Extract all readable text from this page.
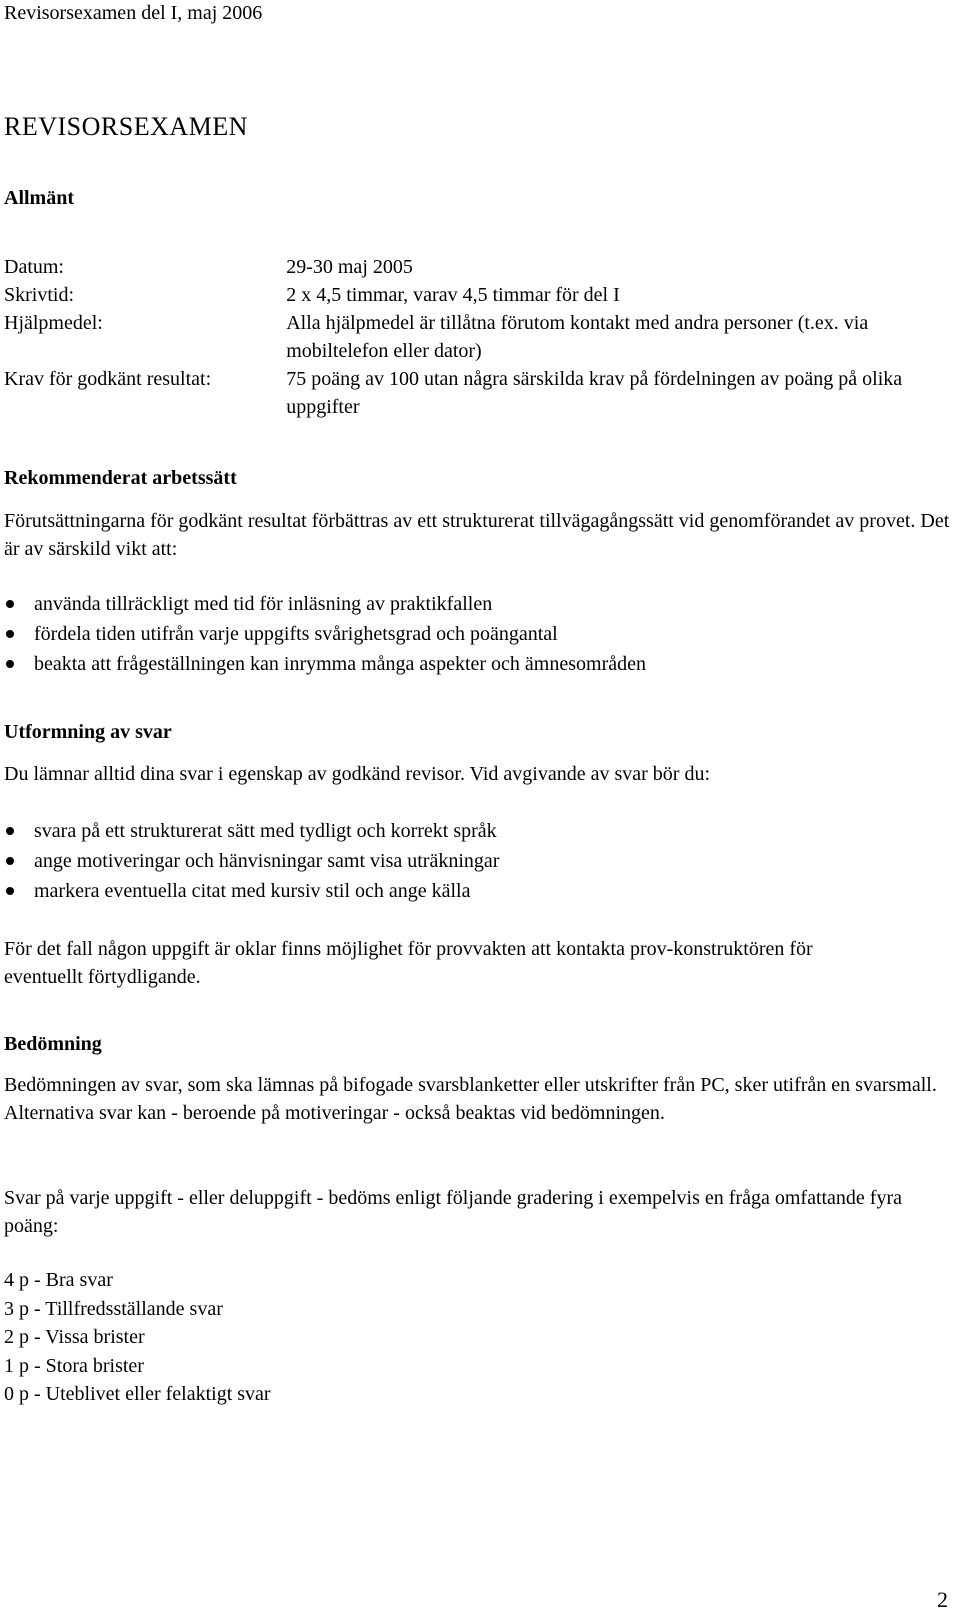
Revisorsexamen del I, maj 2006
REVISORSEXAMEN
Allmänt
Datum:	29-30 maj 2005
Skrivtid:	2 x 4,5 timmar, varav 4,5 timmar för del I
Hjälpmedel:	Alla hjälpmedel är tillåtna förutom kontakt med andra personer (t.ex. via mobiltelefon eller dator)
Krav för godkänt resultat:	75 poäng av 100 utan några särskilda krav på fördelningen av poäng på olika uppgifter
Rekommenderat arbetssätt
Förutsättningarna för godkänt resultat förbättras av ett strukturerat tillvägagångssätt vid genomförandet av provet. Det är av särskild vikt att:
använda tillräckligt med tid för inläsning av praktikfallen
fördela tiden utifrån varje uppgifts svårighetsgrad och poängantal
beakta att frågeställningen kan inrymma många aspekter och ämnesområden
Utformning av svar
Du lämnar alltid dina svar i egenskap av godkänd revisor. Vid avgivande av svar bör du:
svara på ett strukturerat sätt med tydligt och korrekt språk
ange motiveringar och hänvisningar samt visa uträkningar
markera eventuella citat med kursiv stil och ange källa
För det fall någon uppgift är oklar finns möjlighet för provvakten att kontakta prov-konstruktören för eventuellt förtydligande.
Bedömning
Bedömningen av svar, som ska lämnas på bifogade svarsblanketter eller utskrifter från PC, sker utifrån en svarsmall. Alternativa svar kan - beroende på motiveringar - också beaktas vid bedömningen.
Svar på varje uppgift - eller deluppgift - bedöms enligt följande gradering i exempelvis en fråga omfattande fyra poäng:
4 p - Bra svar
3 p - Tillfredsställande svar
2 p - Vissa brister
1 p - Stora brister
0 p - Uteblivet eller felaktigt svar
2
